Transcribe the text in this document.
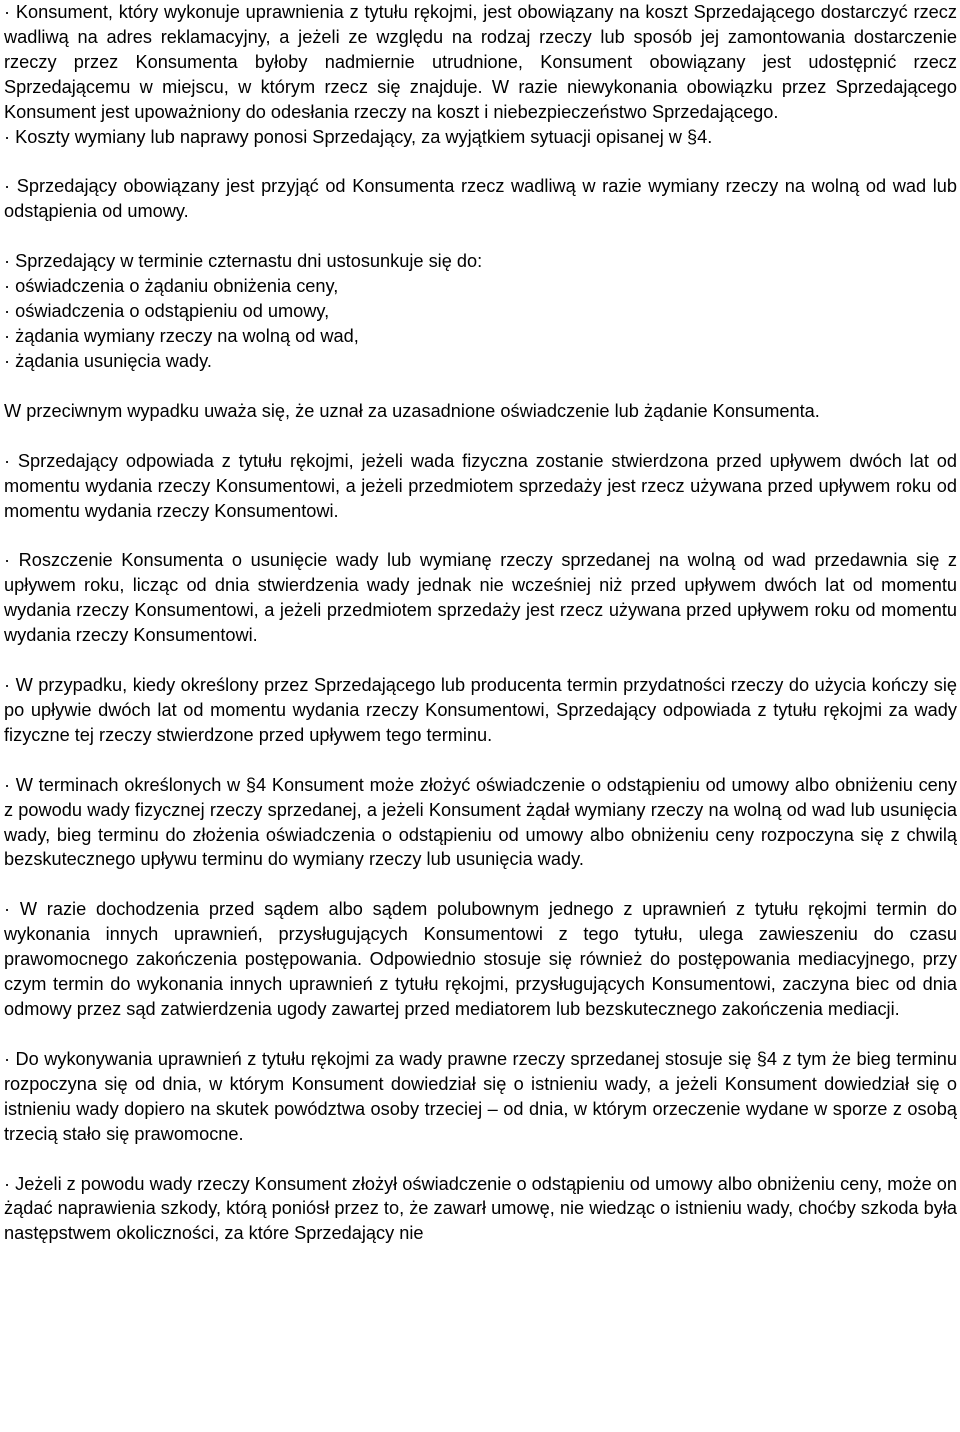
· Konsument, który wykonuje uprawnienia z tytułu rękojmi, jest obowiązany na koszt Sprzedającego dostarczyć rzecz wadliwą na adres reklamacyjny, a jeżeli ze względu na rodzaj rzeczy lub sposób jej zamontowania dostarczenie rzeczy przez Konsumenta byłoby nadmiernie utrudnione, Konsument obowiązany jest udostępnić rzecz Sprzedającemu w miejscu, w którym rzecz się znajduje. W razie niewykonania obowiązku przez Sprzedającego Konsument jest upoważniony do odesłania rzeczy na koszt i niebezpieczeństwo Sprzedającego.

· Koszty wymiany lub naprawy ponosi Sprzedający, za wyjątkiem sytuacji opisanej w §4.

· Sprzedający obowiązany jest przyjąć od Konsumenta rzecz wadliwą w razie wymiany rzeczy na wolną od wad lub odstąpienia od umowy.

· Sprzedający w terminie czternastu dni ustosunkuje się do:

· oświadczenia o żądaniu obniżenia ceny,

· oświadczenia o odstąpieniu od umowy,

· żądania wymiany rzeczy na wolną od wad,

· żądania usunięcia wady.

W przeciwnym wypadku uważa się, że uznał za uzasadnione oświadczenie lub żądanie Konsumenta.

· Sprzedający odpowiada z tytułu rękojmi, jeżeli wada fizyczna zostanie stwierdzona przed upływem dwóch lat od momentu wydania rzeczy Konsumentowi, a jeżeli przedmiotem sprzedaży jest rzecz używana przed upływem roku od momentu wydania rzeczy Konsumentowi.

· Roszczenie Konsumenta o usunięcie wady lub wymianę rzeczy sprzedanej na wolną od wad przedawnia się z upływem roku, licząc od dnia stwierdzenia wady jednak nie wcześniej niż przed upływem dwóch lat od momentu wydania rzeczy Konsumentowi, a jeżeli przedmiotem sprzedaży jest rzecz używana przed upływem roku od momentu wydania rzeczy Konsumentowi.

· W przypadku, kiedy określony przez Sprzedającego lub producenta termin przydatności rzeczy do użycia kończy się po upływie dwóch lat od momentu wydania rzeczy Konsumentowi, Sprzedający odpowiada z tytułu rękojmi za wady fizyczne tej rzeczy stwierdzone przed upływem tego terminu.

· W terminach określonych w §4 Konsument może złożyć oświadczenie o odstąpieniu od umowy albo obniżeniu ceny z powodu wady fizycznej rzeczy sprzedanej, a jeżeli Konsument żądał wymiany rzeczy na wolną od wad lub usunięcia wady, bieg terminu do złożenia oświadczenia o odstąpieniu od umowy albo obniżeniu ceny rozpoczyna się z chwilą bezskutecznego upływu terminu do wymiany rzeczy lub usunięcia wady.

· W razie dochodzenia przed sądem albo sądem polubownym jednego z uprawnień z tytułu rękojmi termin do wykonania innych uprawnień, przysługujących Konsumentowi z tego tytułu, ulega zawieszeniu do czasu prawomocnego zakończenia postępowania. Odpowiednio stosuje się również do postępowania mediacyjnego, przy czym termin do wykonania innych uprawnień z tytułu rękojmi, przysługujących Konsumentowi, zaczyna biec od dnia odmowy przez sąd zatwierdzenia ugody zawartej przed mediatorem lub bezskutecznego zakończenia mediacji.

· Do wykonywania uprawnień z tytułu rękojmi za wady prawne rzeczy sprzedanej stosuje się §4 z tym że bieg terminu rozpoczyna się od dnia, w którym Konsument dowiedział się o istnieniu wady, a jeżeli Konsument dowiedział się o istnieniu wady dopiero na skutek powództwa osoby trzeciej – od dnia, w którym orzeczenie wydane w sporze z osobą trzecią stało się prawomocne.

· Jeżeli z powodu wady rzeczy Konsument złożył oświadczenie o odstąpieniu od umowy albo obniżeniu ceny, może on żądać naprawienia szkody, którą poniósł przez to, że zawarł umowę, nie wiedząc o istnieniu wady, choćby szkoda była następstwem okoliczności, za które Sprzedający nie
